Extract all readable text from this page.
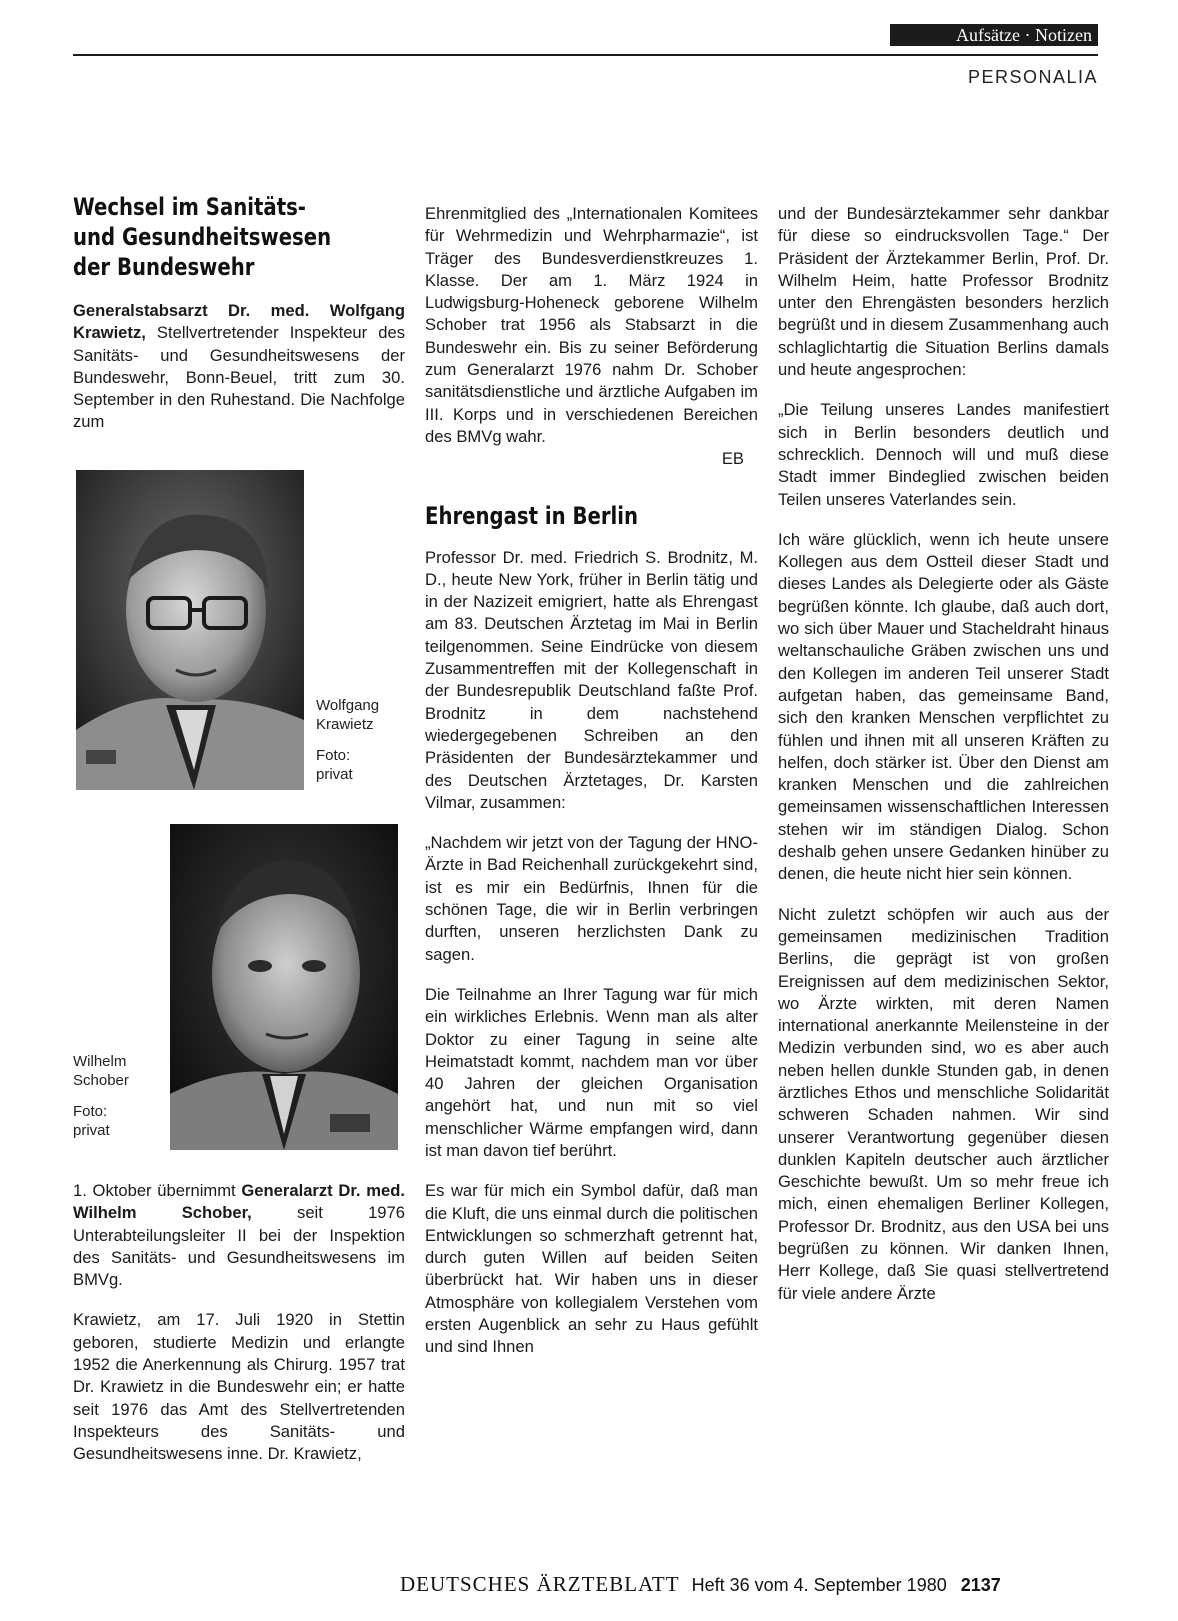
Aufsätze · Notizen
PERSONALIA
Wechsel im Sanitäts-
und Gesundheitswesen
der Bundeswehr

Generalstabsarzt Dr. med. Wolfgang Krawietz, Stellvertretender Inspekteur des Sanitäts- und Gesundheitswesens der Bundeswehr, Bonn-Beuel, tritt zum 30. September in den Ruhestand. Die Nachfolge zum

Wolfgang
Krawietz
Foto:
privat
Wilhelm
Schober
Foto:
privat

1. Oktober übernimmt Generalarzt Dr. med. Wilhelm Schober, seit 1976 Unterabteilungsleiter II bei der Inspektion des Sanitäts- und Gesundheitswesens im BMVg.

Krawietz, am 17. Juli 1920 in Stettin geboren, studierte Medizin und erlangte 1952 die Anerkennung als Chirurg. 1957 trat Dr. Krawietz in die Bundeswehr ein; er hatte seit 1976 das Amt des Stellvertretenden Inspekteurs des Sanitäts- und Gesundheitswesens inne. Dr. Krawietz,

Ehrenmitglied des „Internationalen Komitees für Wehrmedizin und Wehrpharmazie“, ist Träger des Bundesverdienstkreuzes 1. Klasse. Der am 1. März 1924 in Ludwigsburg-Hoheneck geborene Wilhelm Schober trat 1956 als Stabsarzt in die Bundeswehr ein. Bis zu seiner Beförderung zum Generalarzt 1976 nahm Dr. Schober sanitätsdienstliche und ärztliche Aufgaben im III. Korps und in verschiedenen Bereichen des BMVg wahr.

EB
Ehrengast in Berlin

Professor Dr. med. Friedrich S. Brodnitz, M. D., heute New York, früher in Berlin tätig und in der Nazizeit emigriert, hatte als Ehrengast am 83. Deutschen Ärztetag im Mai in Berlin teilgenommen. Seine Eindrücke von diesem Zusammentreffen mit der Kollegenschaft in der Bundesrepublik Deutschland faßte Prof. Brodnitz in dem nachstehend wiedergegebenen Schreiben an den Präsidenten der Bundesärztekammer und des Deutschen Ärztetages, Dr. Karsten Vilmar, zusammen:

„Nachdem wir jetzt von der Tagung der HNO-Ärzte in Bad Reichenhall zurückgekehrt sind, ist es mir ein Bedürfnis, Ihnen für die schönen Tage, die wir in Berlin verbringen durften, unseren herzlichsten Dank zu sagen.

Die Teilnahme an Ihrer Tagung war für mich ein wirkliches Erlebnis. Wenn man als alter Doktor zu einer Tagung in seine alte Heimatstadt kommt, nachdem man vor über 40 Jahren der gleichen Organisation angehört hat, und nun mit so viel menschlicher Wärme empfangen wird, dann ist man davon tief berührt.

Es war für mich ein Symbol dafür, daß man die Kluft, die uns einmal durch die politischen Entwicklungen so schmerzhaft getrennt hat, durch guten Willen auf beiden Seiten überbrückt hat. Wir haben uns in dieser Atmosphäre von kollegialem Verstehen vom ersten Augenblick an sehr zu Haus gefühlt und sind Ihnen

und der Bundesärztekammer sehr dankbar für diese so eindrucksvollen Tage.“ Der Präsident der Ärztekammer Berlin, Prof. Dr. Wilhelm Heim, hatte Professor Brodnitz unter den Ehrengästen besonders herzlich begrüßt und in diesem Zusammenhang auch schlaglichtartig die Situation Berlins damals und heute angesprochen:

„Die Teilung unseres Landes manifestiert sich in Berlin besonders deutlich und schrecklich. Dennoch will und muß diese Stadt immer Bindeglied zwischen beiden Teilen unseres Vaterlandes sein.

Ich wäre glücklich, wenn ich heute unsere Kollegen aus dem Ostteil dieser Stadt und dieses Landes als Delegierte oder als Gäste begrüßen könnte. Ich glaube, daß auch dort, wo sich über Mauer und Stacheldraht hinaus weltanschauliche Gräben zwischen uns und den Kollegen im anderen Teil unserer Stadt aufgetan haben, das gemeinsame Band, sich den kranken Menschen verpflichtet zu fühlen und ihnen mit all unseren Kräften zu helfen, doch stärker ist. Über den Dienst am kranken Menschen und die zahlreichen gemeinsamen wissenschaftlichen Interessen stehen wir im ständigen Dialog. Schon deshalb gehen unsere Gedanken hinüber zu denen, die heute nicht hier sein können.

Nicht zuletzt schöpfen wir auch aus der gemeinsamen medizinischen Tradition Berlins, die geprägt ist von großen Ereignissen auf dem medizinischen Sektor, wo Ärzte wirkten, mit deren Namen international anerkannte Meilensteine in der Medizin verbunden sind, wo es aber auch neben hellen dunkle Stunden gab, in denen ärztliches Ethos und menschliche Solidarität schweren Schaden nahmen. Wir sind unserer Verantwortung gegenüber diesen dunklen Kapiteln deutscher auch ärztlicher Geschichte bewußt. Um so mehr freue ich mich, einen ehemaligen Berliner Kollegen, Professor Dr. Brodnitz, aus den USA bei uns begrüßen zu können. Wir danken Ihnen, Herr Kollege, daß Sie quasi stellvertretend für viele andere Ärzte

DEUTSCHES ÄRZTEBLATT Heft 36 vom 4. September 1980 2137
